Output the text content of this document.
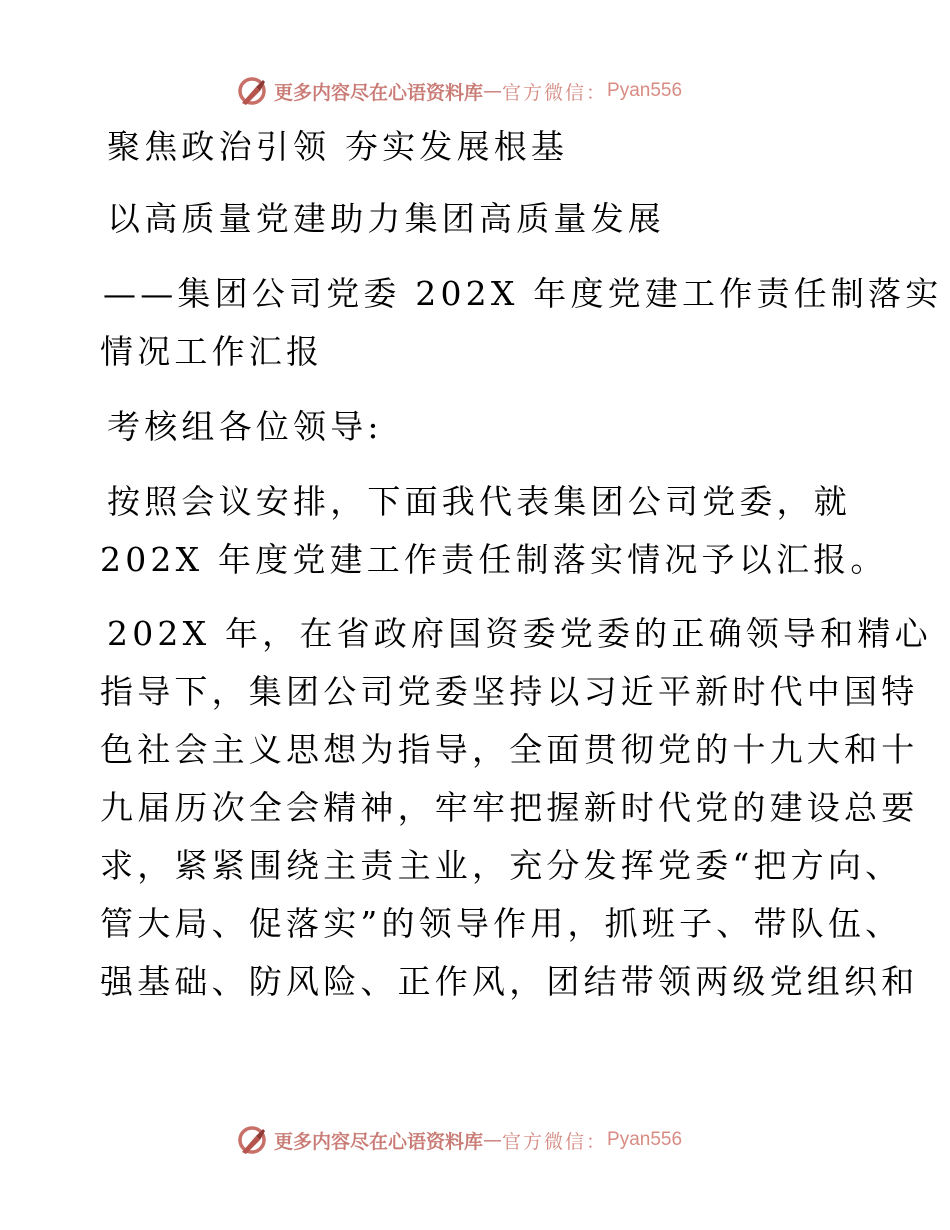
更多内容尽在心语资料库 — 官方微信： Pyan556
聚焦政治引领 夯实发展根基
以高质量党建助力集团高质量发展
——集团公司党委 202X 年度党建工作责任制落实
情况工作汇报
考核组各位领导:
按照会议安排，下面我代表集团公司党委，就
202X 年度党建工作责任制落实情况予以汇报。
202X 年，在省政府国资委党委的正确领导和精心
指导下，集团公司党委坚持以习近平新时代中国特
色社会主义思想为指导，全面贯彻党的十九大和十
九届历次全会精神，牢牢把握新时代党的建设总要
求，紧紧围绕主责主业，充分发挥党委“把方向、
管大局、促落实”的领导作用，抓班子、带队伍、
强基础、防风险、正作风，团结带领两级党组织和
更多内容尽在心语资料库 — 官方微信： Pyan556
